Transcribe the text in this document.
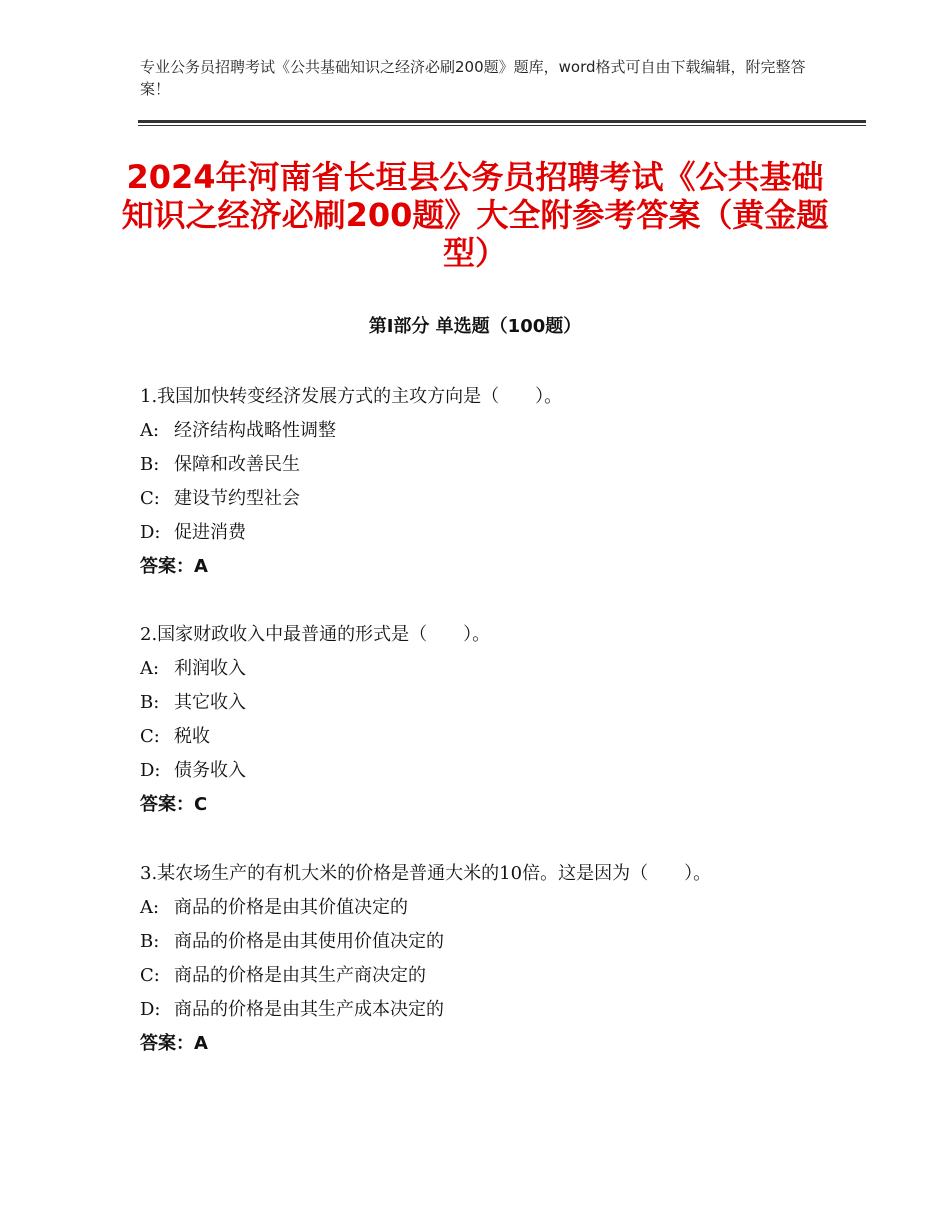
专业公务员招聘考试《公共基础知识之经济必刷200题》题库，word格式可自由下载编辑，附完整答案！
2024年河南省长垣县公务员招聘考试《公共基础知识之经济必刷200题》大全附参考答案（黄金题型）
第I部分 单选题（100题）
1.我国加快转变经济发展方式的主攻方向是（　　）。
A: 经济结构战略性调整
B: 保障和改善民生
C: 建设节约型社会
D: 促进消费
答案：A
2.国家财政收入中最普通的形式是（　　）。
A: 利润收入
B: 其它收入
C: 税收
D: 债务收入
答案：C
3.某农场生产的有机大米的价格是普通大米的10倍。这是因为（　　）。
A: 商品的价格是由其价值决定的
B: 商品的价格是由其使用价值决定的
C: 商品的价格是由其生产商决定的
D: 商品的价格是由其生产成本决定的
答案：A
